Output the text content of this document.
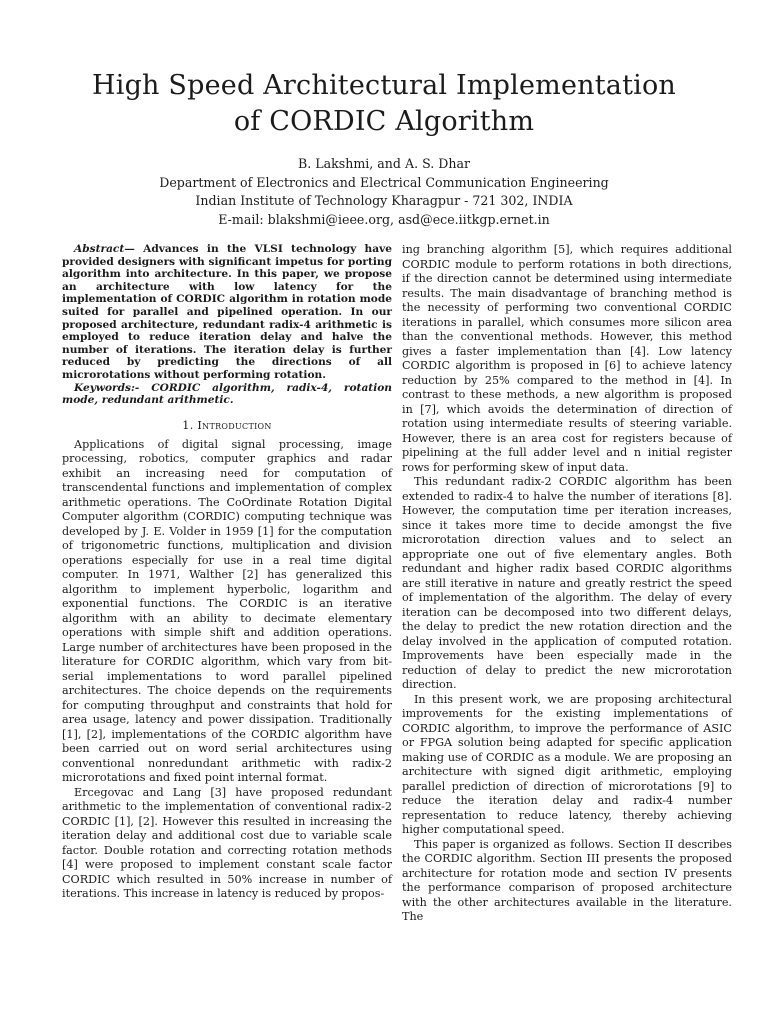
High Speed Architectural Implementation
of CORDIC Algorithm
B. Lakshmi, and A. S. Dhar
Department of Electronics and Electrical Communication Engineering
Indian Institute of Technology Kharagpur - 721 302, INDIA
E-mail: blakshmi@ieee.org, asd@ece.iitkgp.ernet.in

Abstract— Advances in the VLSI technology have provided designers with significant impetus for porting algorithm into architecture. In this paper, we propose an architecture with low latency for the implementation of CORDIC algorithm in rotation mode suited for parallel and pipelined operation. In our proposed architecture, redundant radix-4 arithmetic is employed to reduce iteration delay and halve the number of iterations. The iteration delay is further reduced by predicting the directions of all microrotations without performing rotation.

Keywords:- CORDIC algorithm, radix-4, rotation mode, redundant arithmetic.

1. Introduction

Applications of digital signal processing, image processing, robotics, computer graphics and radar exhibit an increasing need for computation of transcendental functions and implementation of complex arithmetic operations. The CoOrdinate Rotation Digital Computer algorithm (CORDIC) computing technique was developed by J. E. Volder in 1959 [1] for the computation of trigonometric functions, multiplication and division operations especially for use in a real time digital computer. In 1971, Walther [2] has generalized this algorithm to implement hyperbolic, logarithm and exponential functions. The CORDIC is an iterative algorithm with an ability to decimate elementary operations with simple shift and addition operations. Large number of architectures have been proposed in the literature for CORDIC algorithm, which vary from bit-serial implementations to word parallel pipelined architectures. The choice depends on the requirements for computing throughput and constraints that hold for area usage, latency and power dissipation. Traditionally [1], [2], implementations of the CORDIC algorithm have been carried out on word serial architectures using conventional nonredundant arithmetic with radix-2 microrotations and fixed point internal format.

Ercegovac and Lang [3] have proposed redundant arithmetic to the implementation of conventional radix-2 CORDIC [1], [2]. However this resulted in increasing the iteration delay and additional cost due to variable scale factor. Double rotation and correcting rotation methods [4] were proposed to implement constant scale factor CORDIC which resulted in 50% increase in number of iterations. This increase in latency is reduced by propos-

ing branching algorithm [5], which requires additional CORDIC module to perform rotations in both directions, if the direction cannot be determined using intermediate results. The main disadvantage of branching method is the necessity of performing two conventional CORDIC iterations in parallel, which consumes more silicon area than the conventional methods. However, this method gives a faster implementation than [4]. Low latency CORDIC algorithm is proposed in [6] to achieve latency reduction by 25% compared to the method in [4]. In contrast to these methods, a new algorithm is proposed in [7], which avoids the determination of direction of rotation using intermediate results of steering variable. However, there is an area cost for registers because of pipelining at the full adder level and n initial register rows for performing skew of input data.

This redundant radix-2 CORDIC algorithm has been extended to radix-4 to halve the number of iterations [8]. However, the computation time per iteration increases, since it takes more time to decide amongst the five microrotation direction values and to select an appropriate one out of five elementary angles. Both redundant and higher radix based CORDIC algorithms are still iterative in nature and greatly restrict the speed of implementation of the algorithm. The delay of every iteration can be decomposed into two different delays, the delay to predict the new rotation direction and the delay involved in the application of computed rotation. Improvements have been especially made in the reduction of delay to predict the new microrotation direction.

In this present work, we are proposing architectural improvements for the existing implementations of CORDIC algorithm, to improve the performance of ASIC or FPGA solution being adapted for specific application making use of CORDIC as a module. We are proposing an architecture with signed digit arithmetic, employing parallel prediction of direction of microrotations [9] to reduce the iteration delay and radix-4 number representation to reduce latency, thereby achieving higher computational speed.

This paper is organized as follows. Section II describes the CORDIC algorithm. Section III presents the proposed architecture for rotation mode and section IV presents the performance comparison of proposed architecture with the other architectures available in the literature. The
